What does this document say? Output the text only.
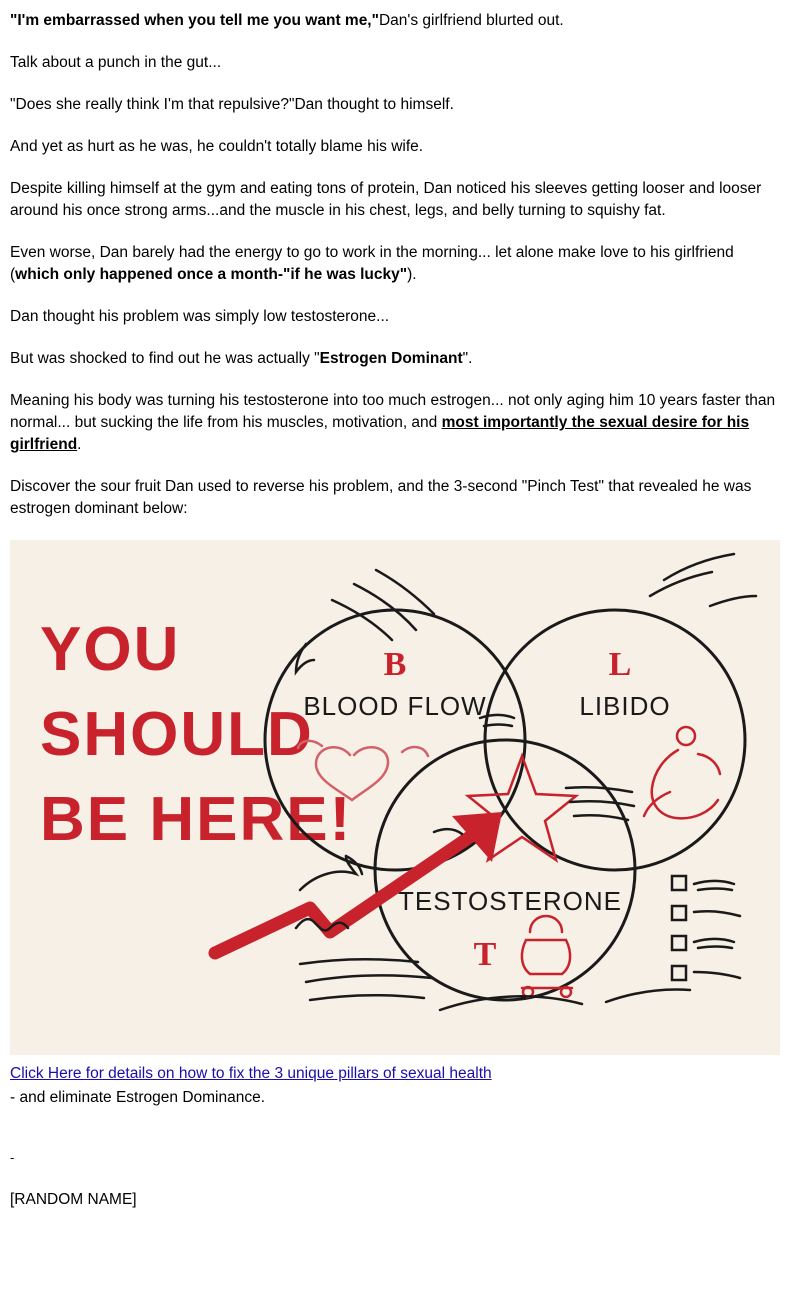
"I'm embarrassed when you tell me you want me,"Dan's girlfriend blurted out.

Talk about a punch in the gut...

"Does she really think I'm that repulsive?"Dan thought to himself.

And yet as hurt as he was, he couldn't totally blame his wife.

Despite killing himself at the gym and eating tons of protein, Dan noticed his sleeves getting looser and looser around his once strong arms...and the muscle in his chest, legs, and belly turning to squishy fat.

Even worse, Dan barely had the energy to go to work in the morning... let alone make love to his girlfriend (which only happened once a month-"if he was lucky").

Dan thought his problem was simply low testosterone...

But was shocked to find out he was actually "Estrogen Dominant".

Meaning his body was turning his testosterone into too much estrogen... not only aging him 10 years faster than normal... but sucking the life from his muscles, motivation, and most importantly the sexual desire for his girlfriend.

Discover the sour fruit Dan used to reverse his problem, and the 3-second "Pinch Test" that revealed he was estrogen dominant below:

YOU
SHOULD
BE HERE!
BLOOD FLOW	LIBIDO
TESTOSTERONE
B	L
T
Click Here for details on how to fix the 3 unique pillars of sexual health

- and eliminate Estrogen Dominance.

-

[RANDOM NAME]
